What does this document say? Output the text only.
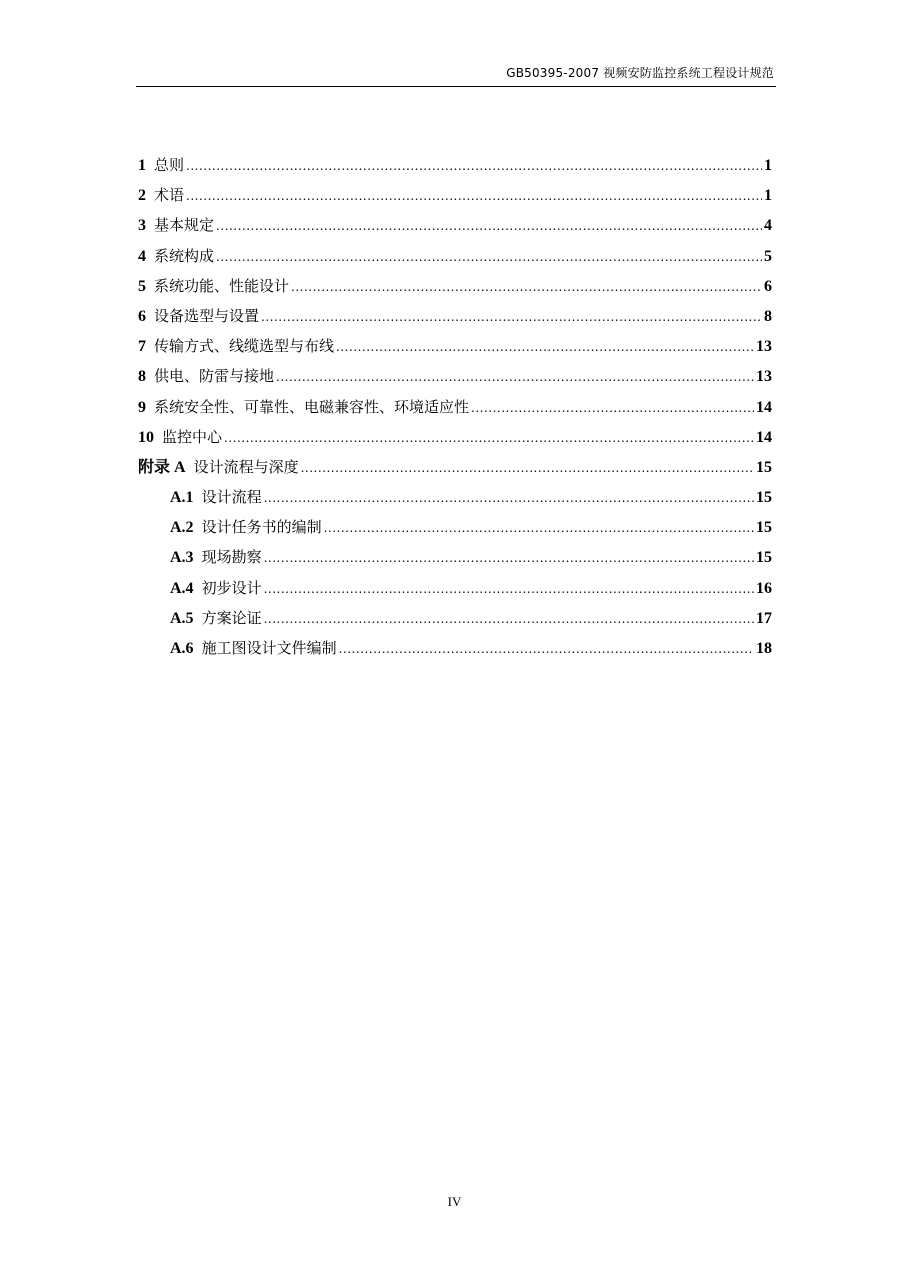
GB50395-2007 视频安防监控系统工程设计规范
1 总则 .....	1
2 术语 .....	1
3 基本规定 .....	4
4 系统构成 .....	5
5 系统功能、性能设计 .....	6
6 设备选型与设置 .....	8
7 传输方式、线缆选型与布线 .....	13
8 供电、防雷与接地 .....	13
9 系统安全性、可靠性、电磁兼容性、环境适应性 .....	14
10 监控中心 .....	14
附录 A 设计流程与深度 .....	15
A.1 设计流程 .....	15
A.2 设计任务书的编制 .....	15
A.3 现场勘察 .....	15
A.4 初步设计 .....	16
A.5 方案论证 .....	17
A.6 施工图设计文件编制 .....	18
IV
